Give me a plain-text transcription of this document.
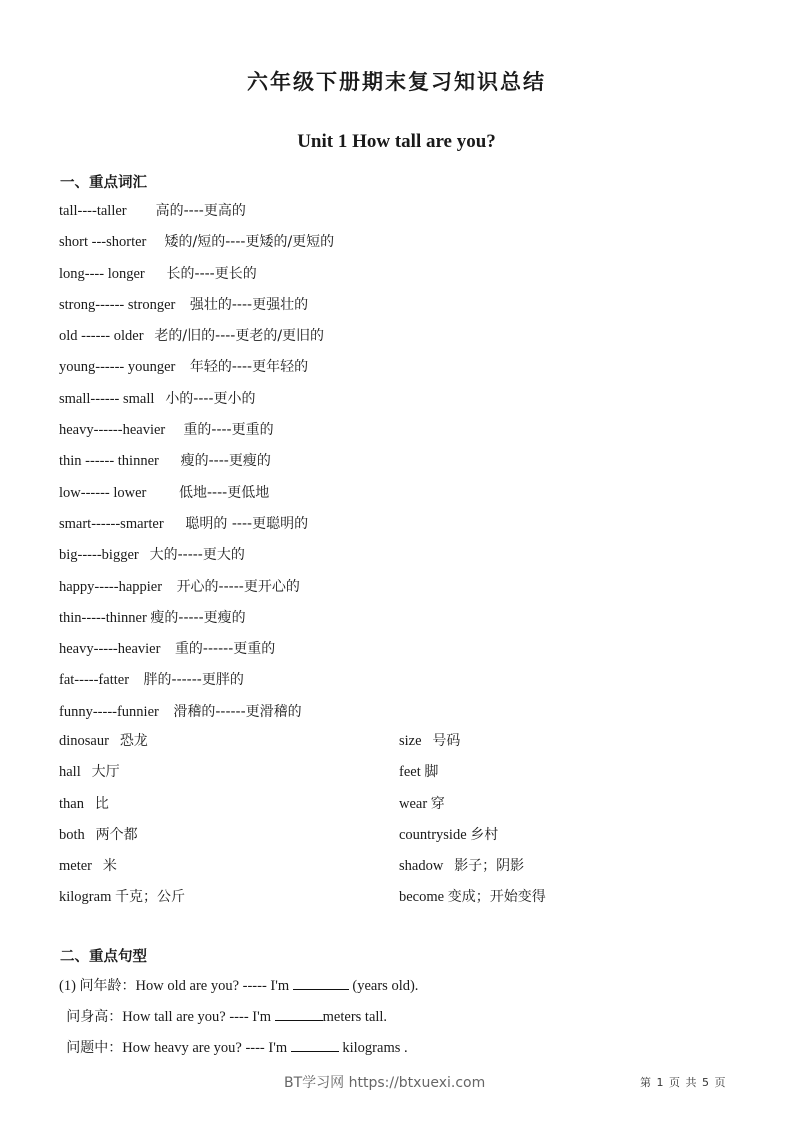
六年级下册期末复习知识总结
Unit 1 How tall are you?
一、重点词汇
tall----taller 高的----更高的
short ---shorter 矮的/短的----更矮的/更短的
long---- longer 长的----更长的
strong------ stronger 强壮的----更强壮的
old ------ older 老的/旧的----更老的/更旧的
young------ younger 年轻的----更年轻的
small------ small 小的----更小的
heavy------heavier 重的----更重的
thin ------ thinner 瘦的----更瘦的
low------ lower 低地----更低地
smart------smarter 聪明的 ----更聪明的
big-----bigger 大的-----更大的
happy-----happier 开心的-----更开心的
thin-----thinner 瘦的-----更瘦的
heavy-----heavier 重的------更重的
fat-----fatter 胖的------更胖的
funny-----funnier 滑稽的------更滑稽的
dinosaur 恐龙	size 号码
hall 大厅	feet 脚
than 比	wear 穿
both 两个都	countryside 乡村
meter 米	shadow 影子；阴影
kilogram 千克；公斤	become 变成；开始变得
二、重点句型
(1) 问年龄：How old are you? ----- I'm	(years old).
问身高：How tall are you? ---- I'm	meters tall.
问题中：How heavy are you? ---- I'm	kilograms .
BT学习网 https://btxuexi.com	第 1 页 共 5 页
